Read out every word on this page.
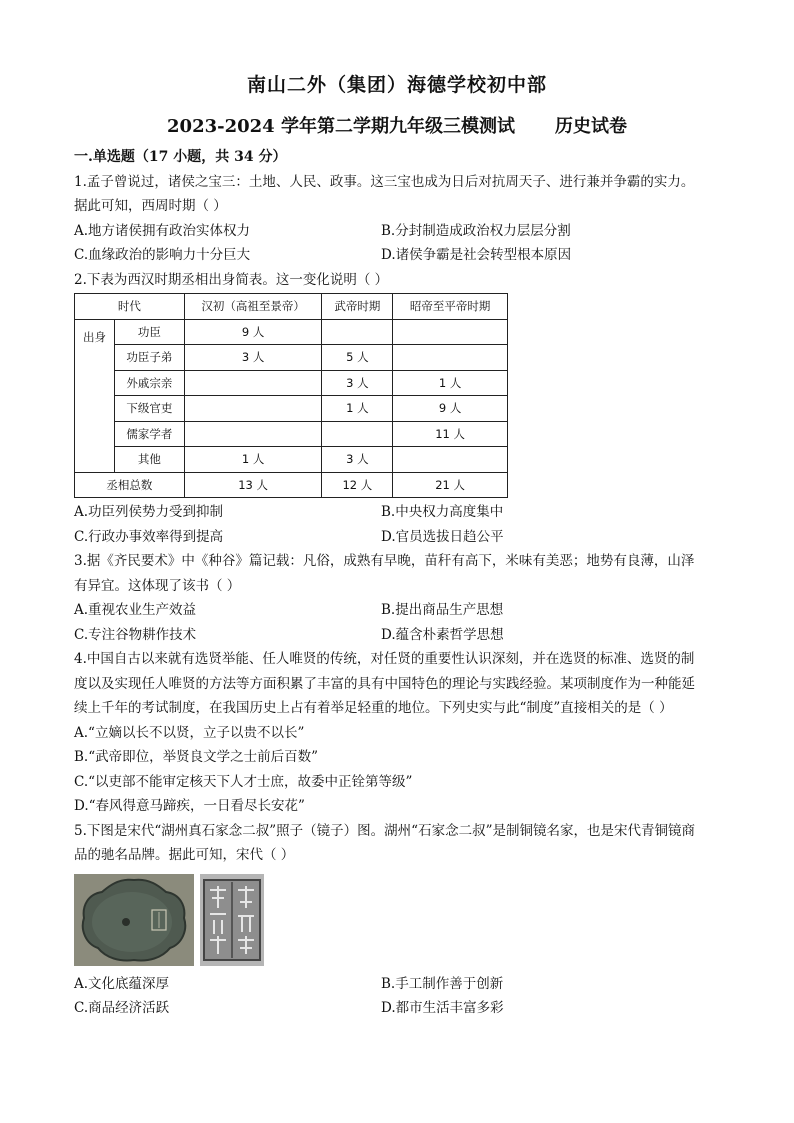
南山二外（集团）海德学校初中部
2023-2024 学年第二学期九年级三模测试 历史试卷
一.单选题（17 小题，共 34 分）
1.孟子曾说过，诸侯之宝三：土地、人民、政事。这三宝也成为日后对抗周天子、进行兼并争霸的实力。
据此可知，西周时期（ ）
A.地方诸侯拥有政治实体权力	B.分封制造成政治权力层层分割
C.血缘政治的影响力十分巨大	D.诸侯争霸是社会转型根本原因
2.下表为西汉时期丞相出身简表。这一变化说明（ ）
时代		汉初（高祖至景帝）	武帝时期	昭帝至平帝时期
出身	功臣	9 人		
	功臣子弟	3 人	5 人	
	外戚宗亲		3 人	1 人
	下级官吏		1 人	9 人
	儒家学者			11 人
	其他	1 人	3 人	
丞相总数		13 人	12 人	21 人
A.功臣列侯势力受到抑制	B.中央权力高度集中
C.行政办事效率得到提高	D.官员选拔日趋公平
3.据《齐民要术》中《种谷》篇记载：凡俗，成熟有早晚，苗秆有高下，米味有美恶；地势有良薄，山泽
有异宜。这体现了该书（ ）
A.重视农业生产效益	B.提出商品生产思想
C.专注谷物耕作技术	D.蕴含朴素哲学思想
4.中国自古以来就有选贤举能、任人唯贤的传统，对任贤的重要性认识深刻，并在选贤的标准、选贤的制
度以及实现任人唯贤的方法等方面积累了丰富的具有中国特色的理论与实践经验。某项制度作为一种能延
续上千年的考试制度，在我国历史上占有着举足轻重的地位。下列史实与此“制度”直接相关的是（ ）
A.“立嫡以长不以贤，立子以贵不以长”
B.“武帝即位，举贤良文学之士前后百数”
C.“以吏部不能审定核天下人才士庶，故委中正铨第等级”
D.“春风得意马蹄疾，一日看尽长安花”
5.下图是宋代“湖州真石家念二叔”照子（镜子）图。湖州“石家念二叔”是制铜镜名家，也是宋代青铜镜商
品的驰名品牌。据此可知，宋代（ ）
A.文化底蕴深厚	B.手工制作善于创新
C.商品经济活跃	D.都市生活丰富多彩
